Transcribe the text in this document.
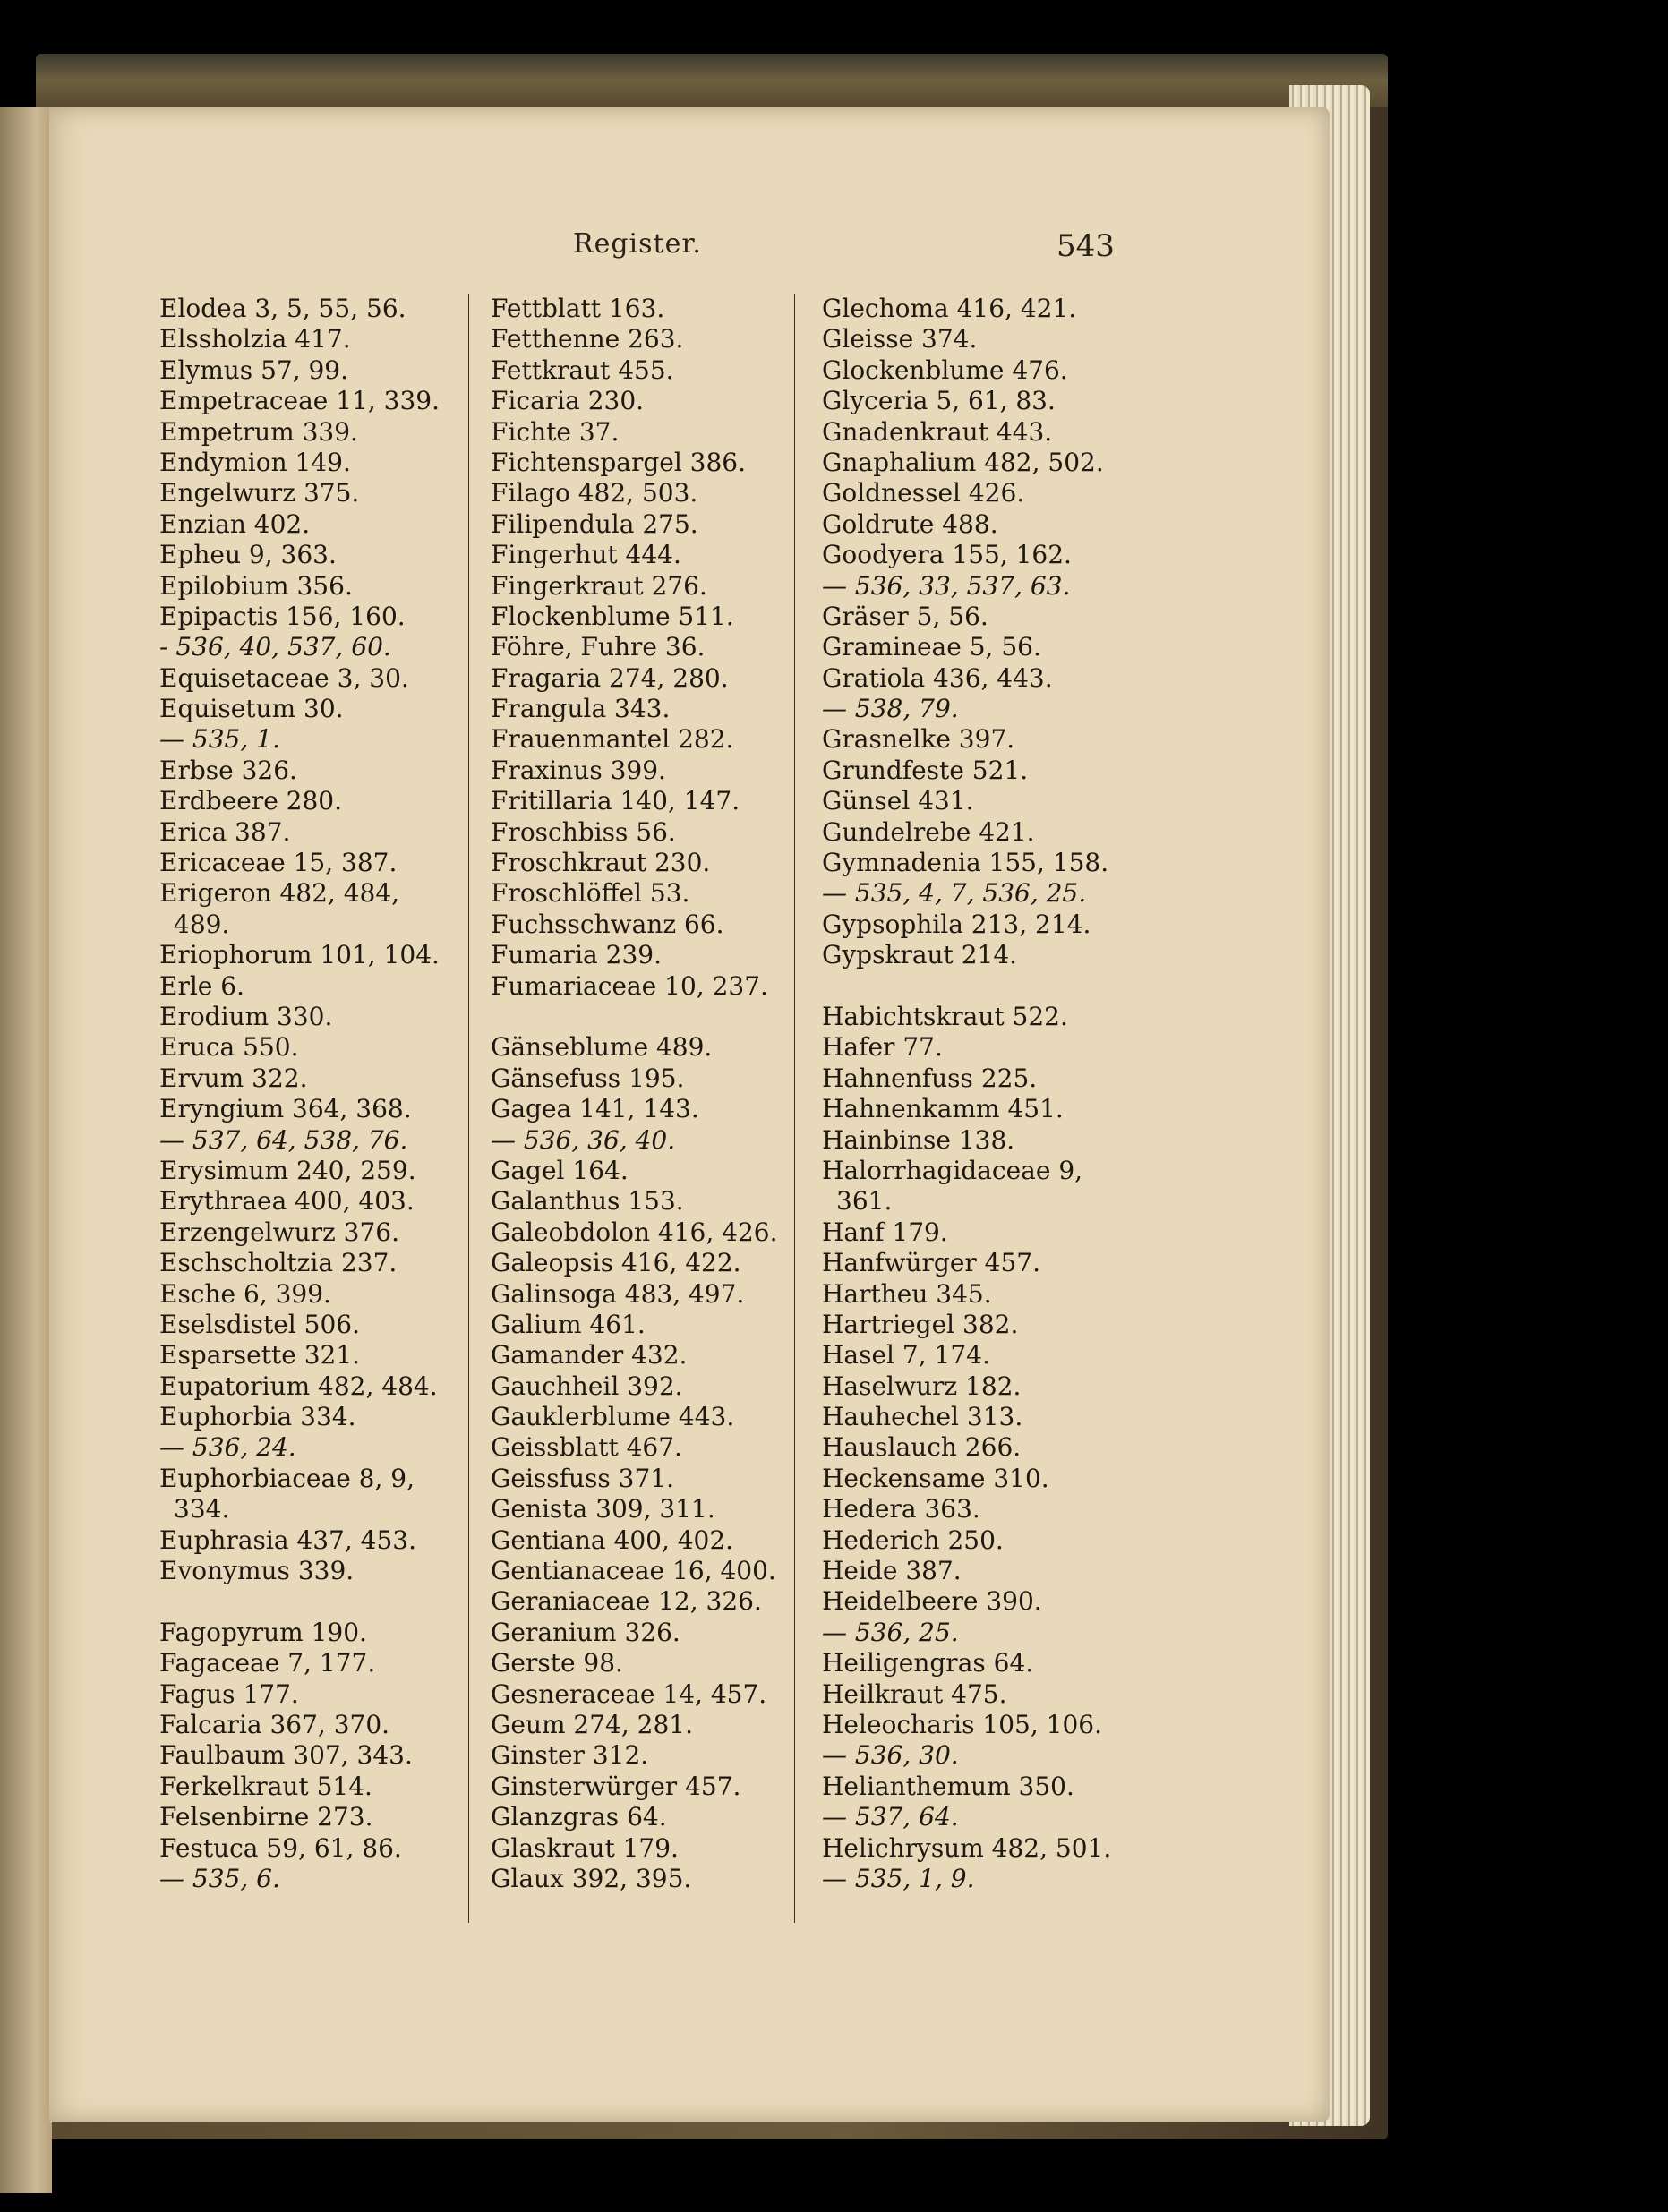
Register.	543
Elodea 3, 5, 55, 56.
Elssholzia 417.
Elymus 57, 99.
Empetraceae 11, 339.
Empetrum 339.
Endymion 149.
Engelwurz 375.
Enzian 402.
Epheu 9, 363.
Epilobium 356.
Epipactis 156, 160.
- 536, 40, 537, 60.
Equisetaceae 3, 30.
Equisetum 30.
— 535, 1.
Erbse 326.
Erdbeere 280.
Erica 387.
Ericaceae 15, 387.
Erigeron 482, 484,
489.
Eriophorum 101, 104.
Erle 6.
Erodium 330.
Eruca 550.
Ervum 322.
Eryngium 364, 368.
— 537, 64, 538, 76.
Erysimum 240, 259.
Erythraea 400, 403.
Erzengelwurz 376.
Eschscholtzia 237.
Esche 6, 399.
Eselsdistel 506.
Esparsette 321.
Eupatorium 482, 484.
Euphorbia 334.
— 536, 24.
Euphorbiaceae 8, 9,
334.
Euphrasia 437, 453.
Evonymus 339.
Fagopyrum 190.
Fagaceae 7, 177.
Fagus 177.
Falcaria 367, 370.
Faulbaum 307, 343.
Ferkelkraut 514.
Felsenbirne 273.
Festuca 59, 61, 86.
— 535, 6.
Fettblatt 163.
Fetthenne 263.
Fettkraut 455.
Ficaria 230.
Fichte 37.
Fichtenspargel 386.
Filago 482, 503.
Filipendula 275.
Fingerhut 444.
Fingerkraut 276.
Flockenblume 511.
Föhre, Fuhre 36.
Fragaria 274, 280.
Frangula 343.
Frauenmantel 282.
Fraxinus 399.
Fritillaria 140, 147.
Froschbiss 56.
Froschkraut 230.
Froschlöffel 53.
Fuchsschwanz 66.
Fumaria 239.
Fumariaceae 10, 237.
Gänseblume 489.
Gänsefuss 195.
Gagea 141, 143.
— 536, 36, 40.
Gagel 164.
Galanthus 153.
Galeobdolon 416, 426.
Galeopsis 416, 422.
Galinsoga 483, 497.
Galium 461.
Gamander 432.
Gauchheil 392.
Gauklerblume 443.
Geissblatt 467.
Geissfuss 371.
Genista 309, 311.
Gentiana 400, 402.
Gentianaceae 16, 400.
Geraniaceae 12, 326.
Geranium 326.
Gerste 98.
Gesneraceae 14, 457.
Geum 274, 281.
Ginster 312.
Ginsterwürger 457.
Glanzgras 64.
Glaskraut 179.
Glaux 392, 395.
Glechoma 416, 421.
Gleisse 374.
Glockenblume 476.
Glyceria 5, 61, 83.
Gnadenkraut 443.
Gnaphalium 482, 502.
Goldnessel 426.
Goldrute 488.
Goodyera 155, 162.
— 536, 33, 537, 63.
Gräser 5, 56.
Gramineae 5, 56.
Gratiola 436, 443.
— 538, 79.
Grasnelke 397.
Grundfeste 521.
Günsel 431.
Gundelrebe 421.
Gymnadenia 155, 158.
— 535, 4, 7, 536, 25.
Gypsophila 213, 214.
Gypskraut 214.
Habichtskraut 522.
Hafer 77.
Hahnenfuss 225.
Hahnenkamm 451.
Hainbinse 138.
Halorrhagidaceae 9,
361.
Hanf 179.
Hanfwürger 457.
Hartheu 345.
Hartriegel 382.
Hasel 7, 174.
Haselwurz 182.
Hauhechel 313.
Hauslauch 266.
Heckensame 310.
Hedera 363.
Hederich 250.
Heide 387.
Heidelbeere 390.
— 536, 25.
Heiligengras 64.
Heilkraut 475.
Heleocharis 105, 106.
— 536, 30.
Helianthemum 350.
— 537, 64.
Helichrysum 482, 501.
— 535, 1, 9.
